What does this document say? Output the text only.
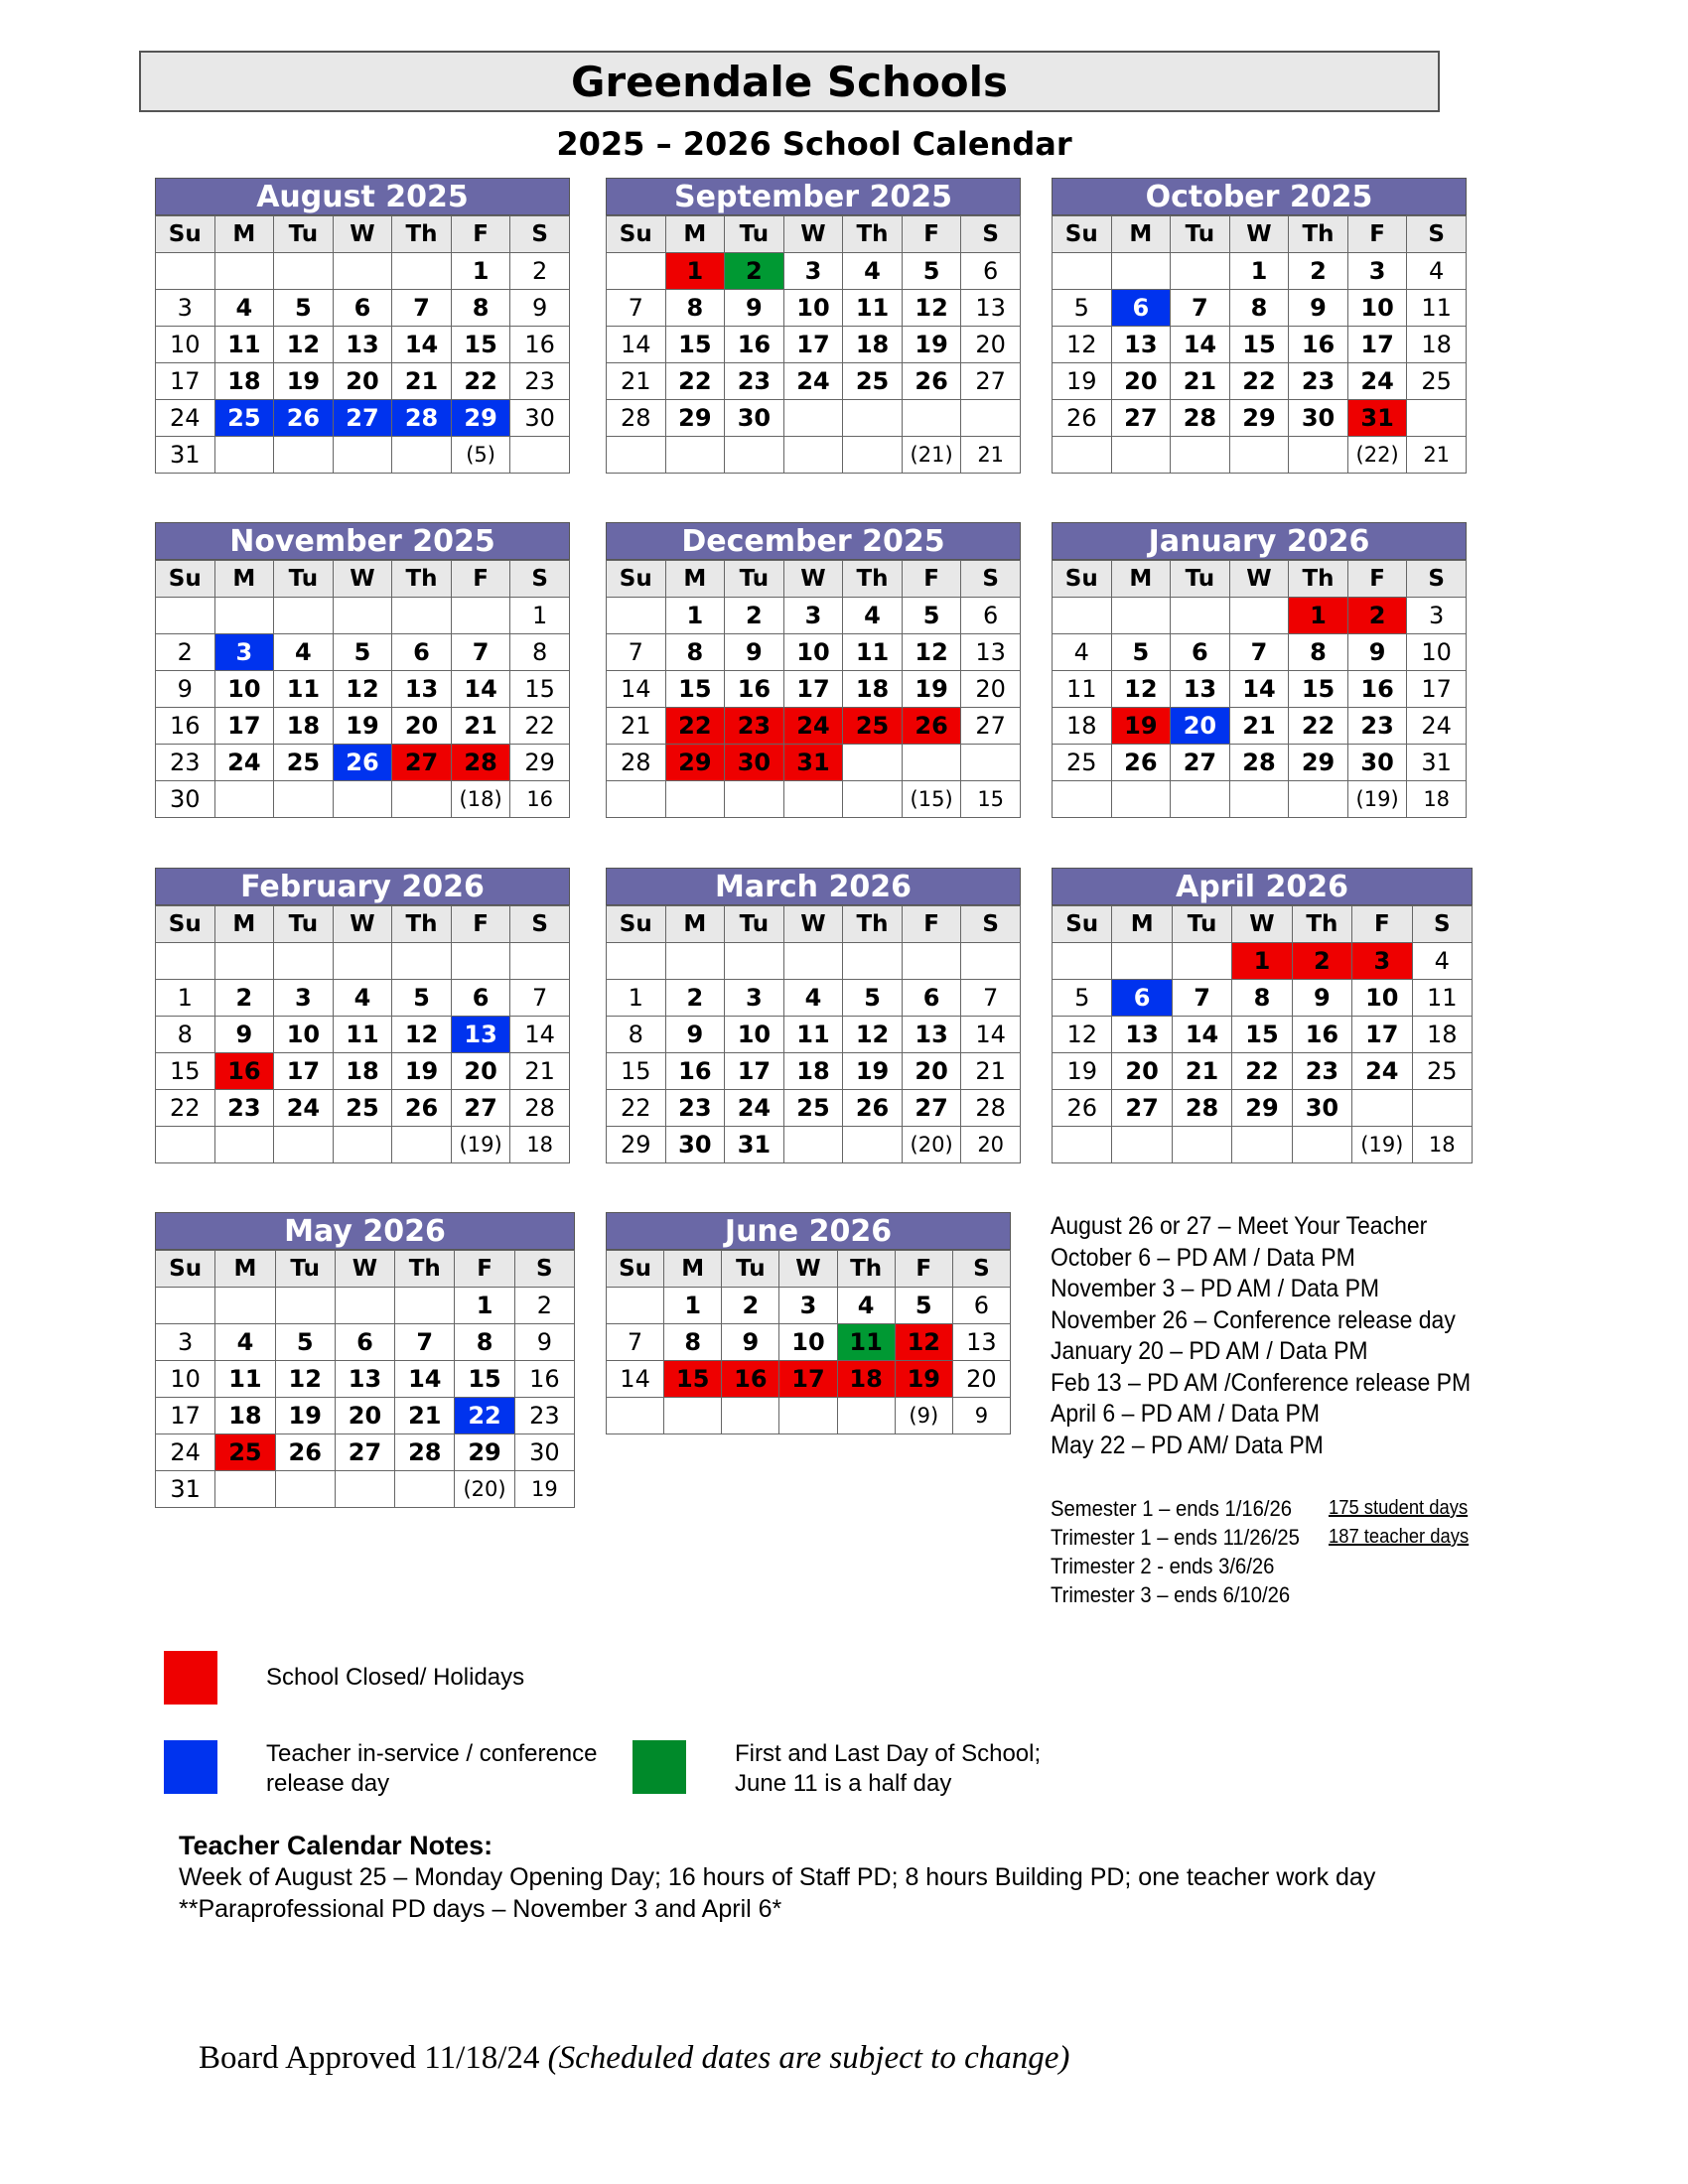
Greendale Schools
2025 – 2026 School Calendar
August 2025
Su	M	Tu	W	Th	F	S
					1	2
3	4	5	6	7	8	9
10	11	12	13	14	15	16
17	18	19	20	21	22	23
24	25	26	27	28	29	30
31					(5)	
September 2025
Su	M	Tu	W	Th	F	S
	1	2	3	4	5	6
7	8	9	10	11	12	13
14	15	16	17	18	19	20
21	22	23	24	25	26	27
28	29	30				
					(21)	21
October 2025
Su	M	Tu	W	Th	F	S
			1	2	3	4
5	6	7	8	9	10	11
12	13	14	15	16	17	18
19	20	21	22	23	24	25
26	27	28	29	30	31	
					(22)	21
November 2025
Su	M	Tu	W	Th	F	S
						1
2	3	4	5	6	7	8
9	10	11	12	13	14	15
16	17	18	19	20	21	22
23	24	25	26	27	28	29
30					(18)	16
December 2025
Su	M	Tu	W	Th	F	S
	1	2	3	4	5	6
7	8	9	10	11	12	13
14	15	16	17	18	19	20
21	22	23	24	25	26	27
28	29	30	31			
					(15)	15
January 2026
Su	M	Tu	W	Th	F	S
				1	2	3
4	5	6	7	8	9	10
11	12	13	14	15	16	17
18	19	20	21	22	23	24
25	26	27	28	29	30	31
					(19)	18
February 2026
Su	M	Tu	W	Th	F	S

1	2	3	4	5	6	7
8	9	10	11	12	13	14
15	16	17	18	19	20	21
22	23	24	25	26	27	28
					(19)	18
March 2026
Su	M	Tu	W	Th	F	S

1	2	3	4	5	6	7
8	9	10	11	12	13	14
15	16	17	18	19	20	21
22	23	24	25	26	27	28
29	30	31			(20)	20
April 2026
Su	M	Tu	W	Th	F	S
			1	2	3	4
5	6	7	8	9	10	11
12	13	14	15	16	17	18
19	20	21	22	23	24	25
26	27	28	29	30		
					(19)	18
May 2026
Su	M	Tu	W	Th	F	S
					1	2
3	4	5	6	7	8	9
10	11	12	13	14	15	16
17	18	19	20	21	22	23
24	25	26	27	28	29	30
31					(20)	19
June 2026
Su	M	Tu	W	Th	F	S
	1	2	3	4	5	6
7	8	9	10	11	12	13
14	15	16	17	18	19	20
					(9)	9
August 26 or 27 – Meet Your Teacher
October 6 – PD AM / Data PM
November 3 – PD AM / Data PM
November 26 – Conference release day
January 20 – PD AM / Data PM
Feb 13 – PD AM /Conference release PM
April 6 – PD AM / Data PM
May 22 – PD AM/ Data PM
Semester 1 – ends 1/16/26
Trimester 1 – ends 11/26/25
Trimester 2 - ends 3/6/26
Trimester 3 – ends 6/10/26
175 student days
187 teacher days
School Closed/ Holidays
Teacher in-service / conference
release day
First and Last Day of School;
June 11 is a half day
Teacher Calendar Notes:
Week of August 25 – Monday Opening Day; 16 hours of Staff PD; 8 hours Building PD; one teacher work day
**Paraprofessional PD days – November 3 and April 6*
Board Approved 11/18/24 (Scheduled dates are subject to change)
